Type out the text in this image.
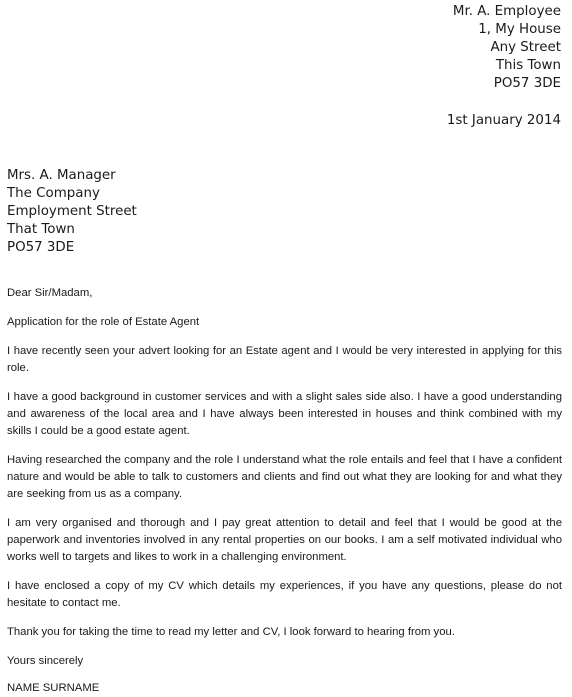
Mr. A. Employee
1, My House
Any Street
This Town
PO57 3DE
1st January 2014
Mrs. A. Manager
The Company
Employment Street
That Town
PO57 3DE

Dear Sir/Madam,

Application for the role of Estate Agent

I have recently seen your advert looking for an Estate agent and I would be very interested in applying for this role.

I have a good background in customer services and with a slight sales side also. I have a good understanding and awareness of the local area and I have always been interested in houses and think combined with my skills I could be a good estate agent.

Having researched the company and the role I understand what the role entails and feel that I have a confident nature and would be able to talk to customers and clients and find out what they are looking for and what they are seeking from us as a company.

I am very organised and thorough and I pay great attention to detail and feel that I would be good at the paperwork and inventories involved in any rental properties on our books. I am a self motivated individual who works well to targets and likes to work in a challenging environment.

I have enclosed a copy of my CV which details my experiences, if you have any questions, please do not hesitate to contact me.

Thank you for taking the time to read my letter and CV, I look forward to hearing from you.

Yours sincerely

NAME SURNAME
